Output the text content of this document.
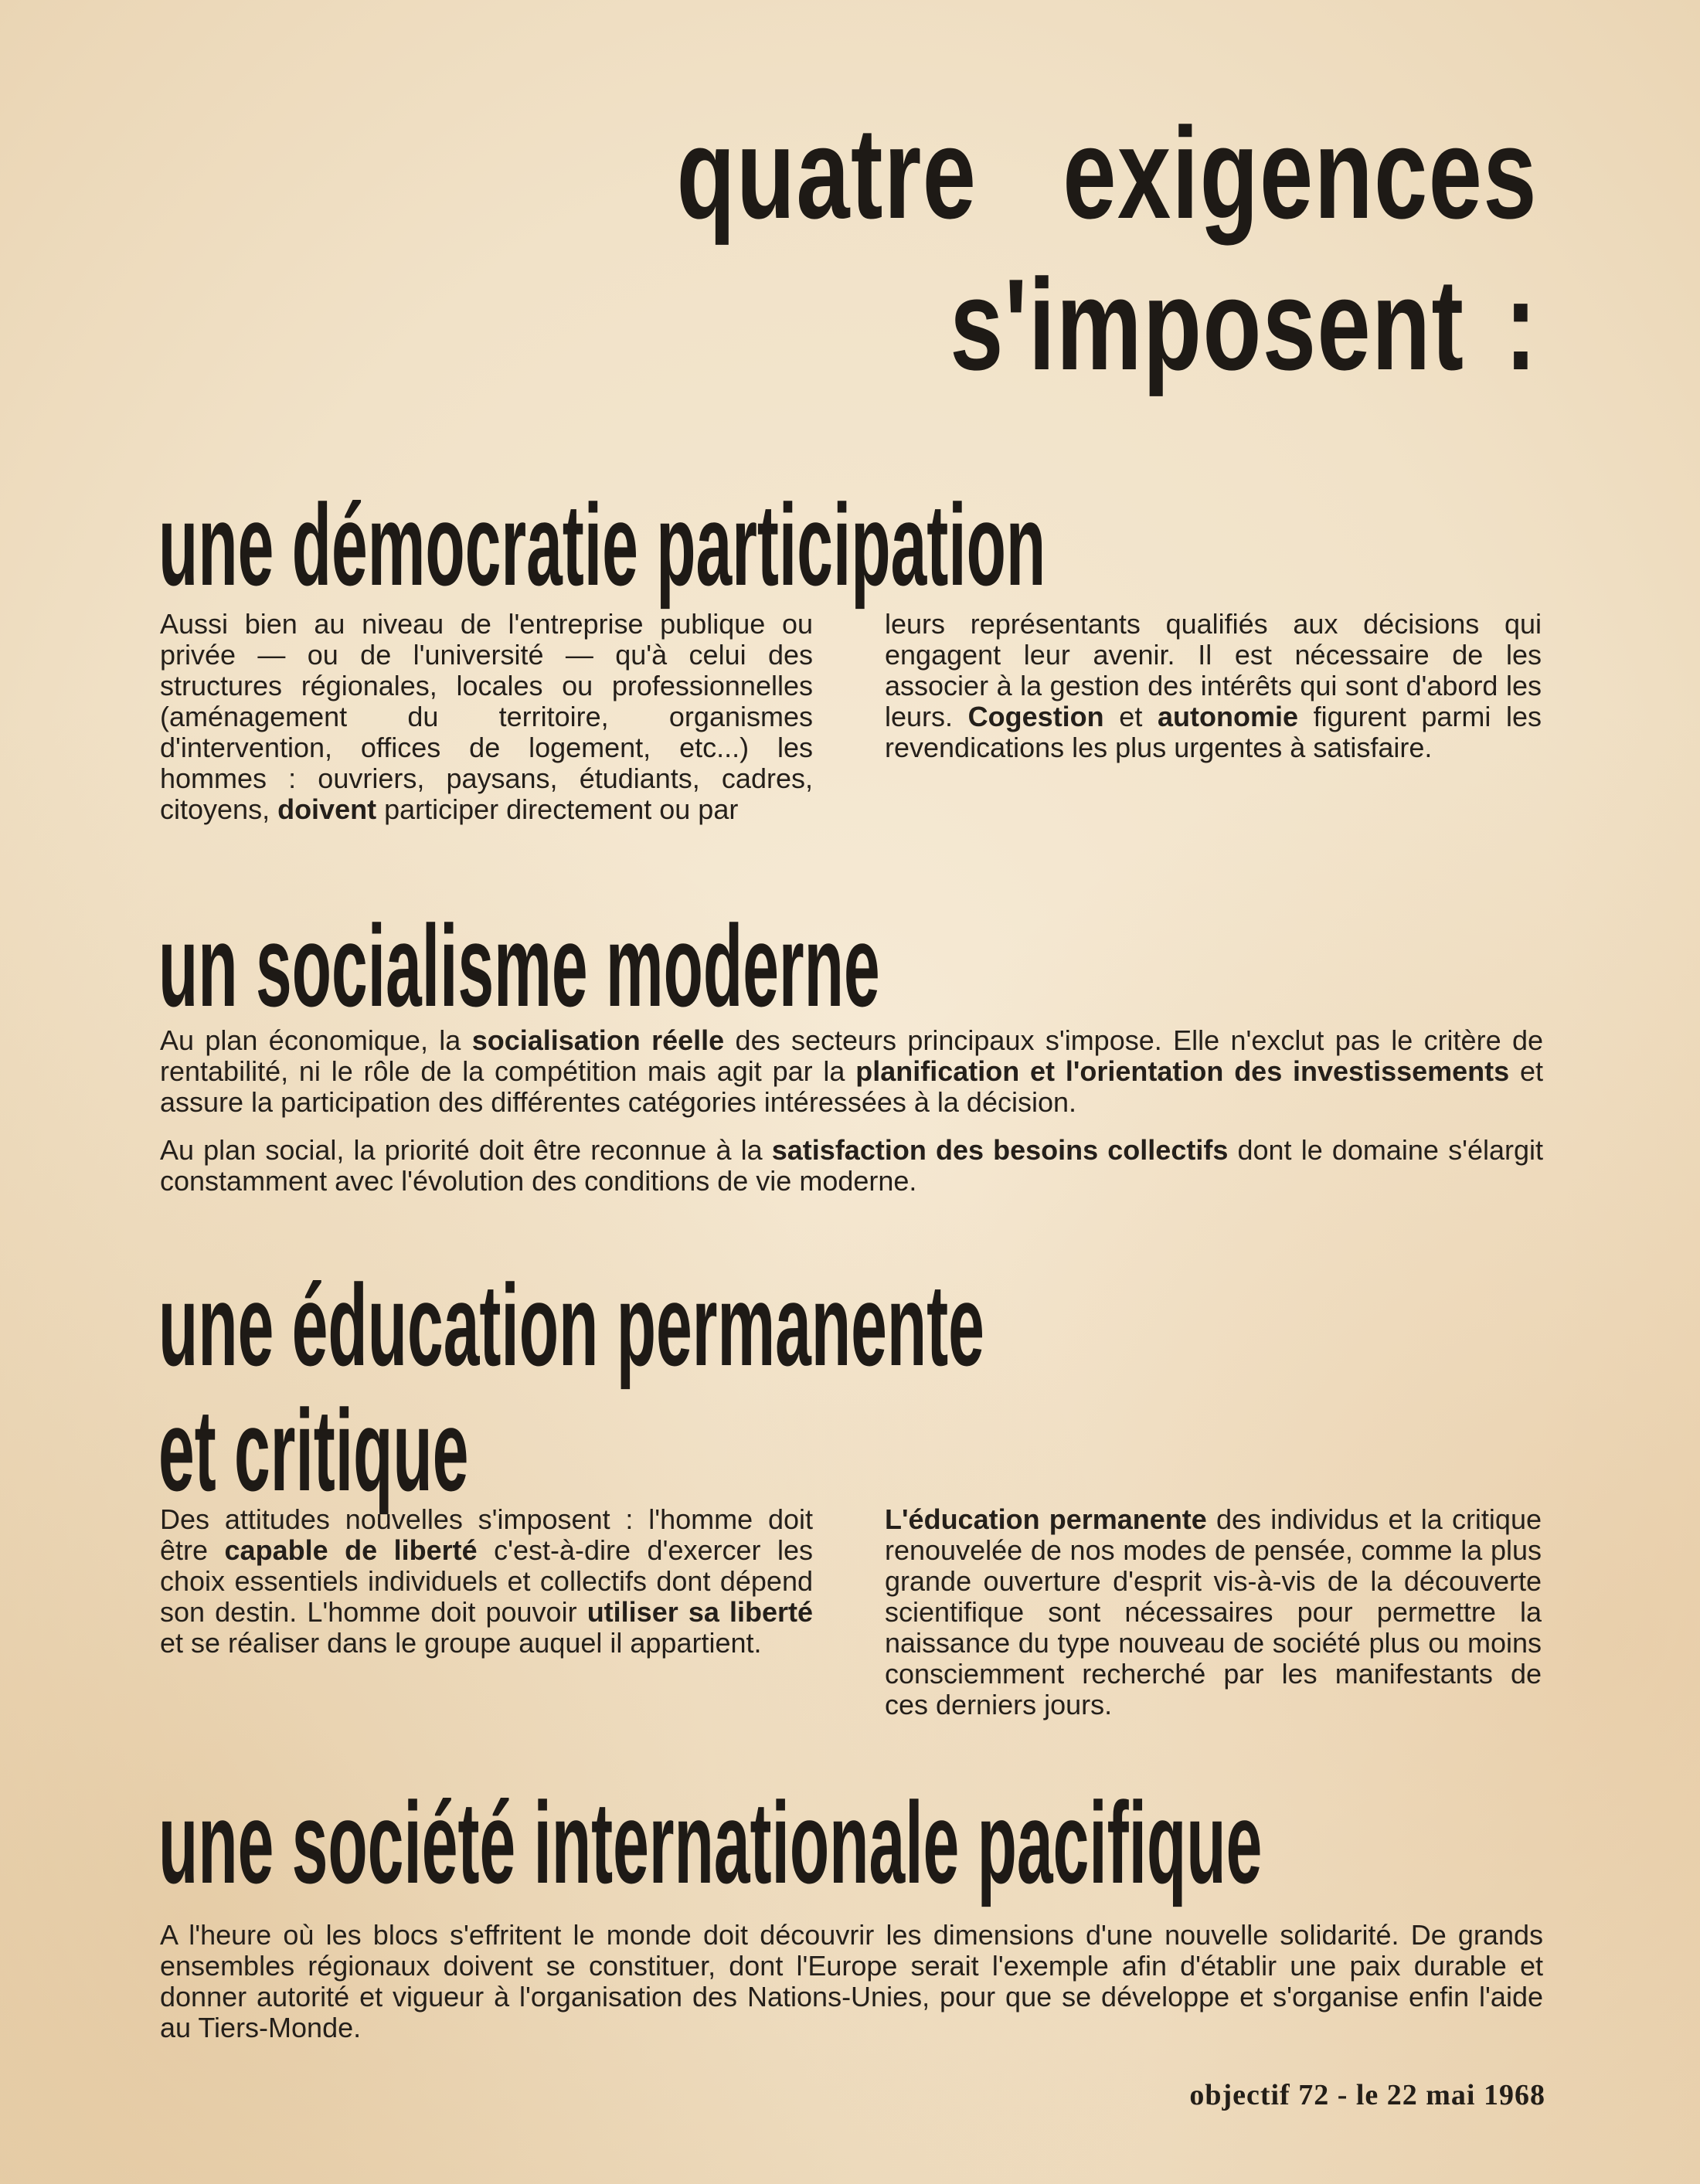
quatre exigences
s'imposent :
une démocratie participation

Aussi bien au niveau de l'entreprise publique ou privée — ou de l'université — qu'à celui des structures régionales, locales ou professionnelles (aménagement du territoire, organismes d'intervention, offices de logement, etc...) les hommes : ouvriers, paysans, étudiants, cadres, citoyens, doivent participer directement ou par

leurs représentants qualifiés aux décisions qui engagent leur avenir. Il est nécessaire de les associer à la gestion des intérêts qui sont d'abord les leurs. Cogestion et autonomie figurent parmi les revendications les plus urgentes à satisfaire.

un socialisme moderne

Au plan économique, la socialisation réelle des secteurs principaux s'impose. Elle n'exclut pas le critère de rentabilité, ni le rôle de la compétition mais agit par la planification et l'orientation des investissements et assure la participation des différentes catégories intéressées à la décision.

Au plan social, la priorité doit être reconnue à la satisfaction des besoins collectifs dont le domaine s'élargit constamment avec l'évolution des conditions de vie moderne.

une éducation permanente
et critique

Des attitudes nouvelles s'imposent : l'homme doit être capable de liberté c'est-à-dire d'exercer les choix essentiels individuels et collectifs dont dépend son destin. L'homme doit pouvoir utiliser sa liberté et se réaliser dans le groupe auquel il appartient.

L'éducation permanente des individus et la critique renouvelée de nos modes de pensée, comme la plus grande ouverture d'esprit vis-à-vis de la découverte scientifique sont nécessaires pour permettre la naissance du type nouveau de société plus ou moins consciemment recherché par les manifestants de ces derniers jours.

une société internationale pacifique

A l'heure où les blocs s'effritent le monde doit découvrir les dimensions d'une nouvelle solidarité. De grands ensembles régionaux doivent se constituer, dont l'Europe serait l'exemple afin d'établir une paix durable et donner autorité et vigueur à l'organisation des Nations-Unies, pour que se développe et s'organise enfin l'aide au Tiers-Monde.

objectif 72 - le 22 mai 1968
